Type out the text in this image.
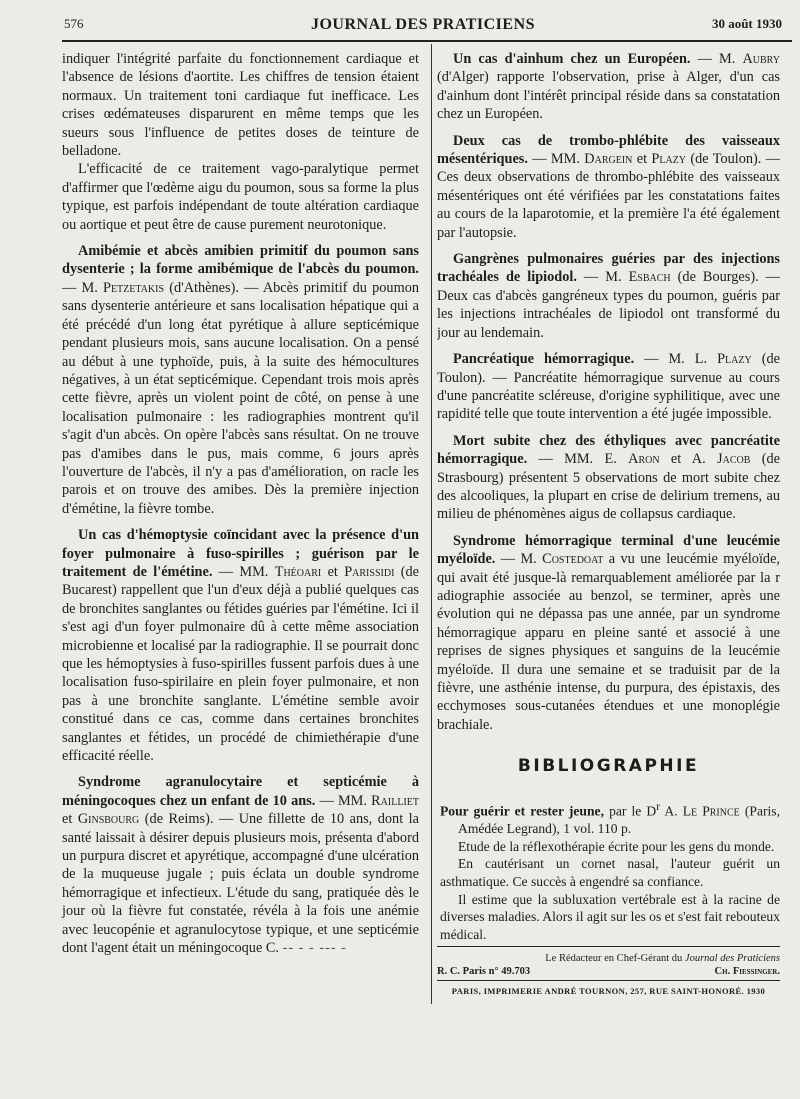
576	JOURNAL DES PRATICIENS	30 août 1930

indiquer l'intégrité parfaite du fonctionnement cardiaque et l'absence de lésions d'aortite. Les chiffres de tension étaient normaux. Un traitement toni cardiaque fut inefficace. Les crises œdémateuses disparurent en même temps que les sueurs sous l'influence de petites doses de teinture de belladone.

L'efficacité de ce traitement vago-paralytique permet d'affirmer que l'œdème aigu du poumon, sous sa forme la plus typique, est parfois indépendant de toute altération cardiaque ou aortique et peut être de cause purement neurotonique.

Amibémie et abcès amibien primitif du poumon sans dysenterie ; la forme amibémique de l'abcès du poumon. — M. Petzetakis (d'Athènes). — Abcès primitif du poumon sans dysenterie antérieure et sans localisation hépatique qui a été précédé d'un long état pyrétique à allure septicémique pendant plusieurs mois, sans aucune localisation. On a pensé au début à une typhoïde, puis, à la suite des hémocultures négatives, à un état septicémique. Cependant trois mois après cette fièvre, après un violent point de côté, on pense à une localisation pulmonaire : les radiographies montrent qu'il s'agit d'un abcès. On opère l'abcès sans résultat. On ne trouve pas d'amibes dans le pus, mais comme, 6 jours après l'ouverture de l'abcès, il n'y a pas d'amélioration, on racle les parois et on trouve des amibes. Dès la première injection d'émétine, la fièvre tombe.

Un cas d'hémoptysie coïncidant avec la présence d'un foyer pulmonaire à fuso-spirilles ; guérison par le traitement de l'émétine. — MM. Théoari et Parissidi (de Bucarest) rappellent que l'un d'eux déjà a publié quelques cas de bronchites sanglantes ou fétides guéries par l'émétine. Ici il s'est agi d'un foyer pulmonaire dû à cette même association microbienne et localisé par la radiographie. Il se pourrait donc que les hémoptysies à fuso-spirilles fussent parfois dues à une localisation fuso-spirilaire en plein foyer pulmonaire, et non pas à une bronchite sanglante. L'émétine semble avoir constitué dans ce cas, comme dans certaines bronchites sanglantes et fétides, un procédé de chimiethérapie d'une efficacité réelle.

Syndrome agranulocytaire et septicémie à méningocoques chez un enfant de 10 ans. — MM. Railliet et Ginsbourg (de Reims). — Une fillette de 10 ans, dont la santé laissait à désirer depuis plusieurs mois, présenta d'abord un purpura discret et apyrétique, accompagné d'une ulcération de la muqueuse jugale ; puis éclata un double syndrome hémorragique et infectieux. L'étude du sang, pratiquée dès le jour où la fièvre fut constatée, révéla à la fois une anémie avec leucopénie et agranulocytose typique, et une septicémie dont l'agent était un méningocoque C. -- - - --- -

Un cas d'ainhum chez un Européen. — M. Aubry (d'Alger) rapporte l'observation, prise à Alger, d'un cas d'ainhum dont l'intérêt principal réside dans sa constatation chez un Européen.

Deux cas de trombo-phlébite des vaisseaux mésentériques. — MM. Dargein et Plazy (de Toulon). — Ces deux observations de thrombo-phlébite des vaisseaux mésentériques ont été vérifiées par les constatations faites au cours de la laparotomie, et la première l'a été également par l'autopsie.

Gangrènes pulmonaires guéries par des injections trachéales de lipiodol. — M. Esbach (de Bourges). — Deux cas d'abcès gangréneux types du poumon, guéris par les injections intrachéales de lipiodol ont transformé du jour au lendemain.

Pancréatique hémorragique. — M. L. Plazy (de Toulon). — Pancréatite hémorragique survenue au cours d'une pancréatite scléreuse, d'origine syphilitique, avec une rapidité telle que toute intervention a été jugée impossible.

Mort subite chez des éthyliques avec pancréatite hémorragique. — MM. E. Aron et A. Jacob (de Strasbourg) présentent 5 observations de mort subite chez des alcooliques, la plupart en crise de delirium tremens, au milieu de phénomènes aigus de collapsus cardiaque.

Syndrome hémorragique terminal d'une leucémie myéloïde. — M. Costedoat a vu une leucémie myéloïde, qui avait été jusque-là remarquablement améliorée par la r adiographie associée au benzol, se terminer, après une évolution qui ne dépassa pas une année, par un syndrome hémorragique apparu en pleine santé et associé à une reprises de signes physiques et sanguins de la leucémie myéloïde. Il dura une semaine et se traduisit par de la fièvre, une asthénie intense, du purpura, des épistaxis, des ecchymoses sous-cutanées étendues et une monoplégie brachiale.

BIBLIOGRAPHIE

Pour guérir et rester jeune, par le $D^r$ A. Le Prince (Paris, Amédée Legrand), 1 vol. 110 p.

Etude de la réflexothérapie écrite pour les gens du monde.

En cautérisant un cornet nasal, l'auteur guérit un asthmatique. Ce succès à engendré sa confiance.

Il estime que la subluxation vertébrale est à la racine de diverses maladies. Alors il agit sur les os et s'est fait rebouteux médical.

Le Rédacteur en Chef-Gérant du Journal des Praticiens
R. C. Paris n° 49.703	Ch. Fiessinger.
PARIS, IMPRIMERIE ANDRÉ TOURNON, 257, RUE SAINT-HONORÉ. 1930
